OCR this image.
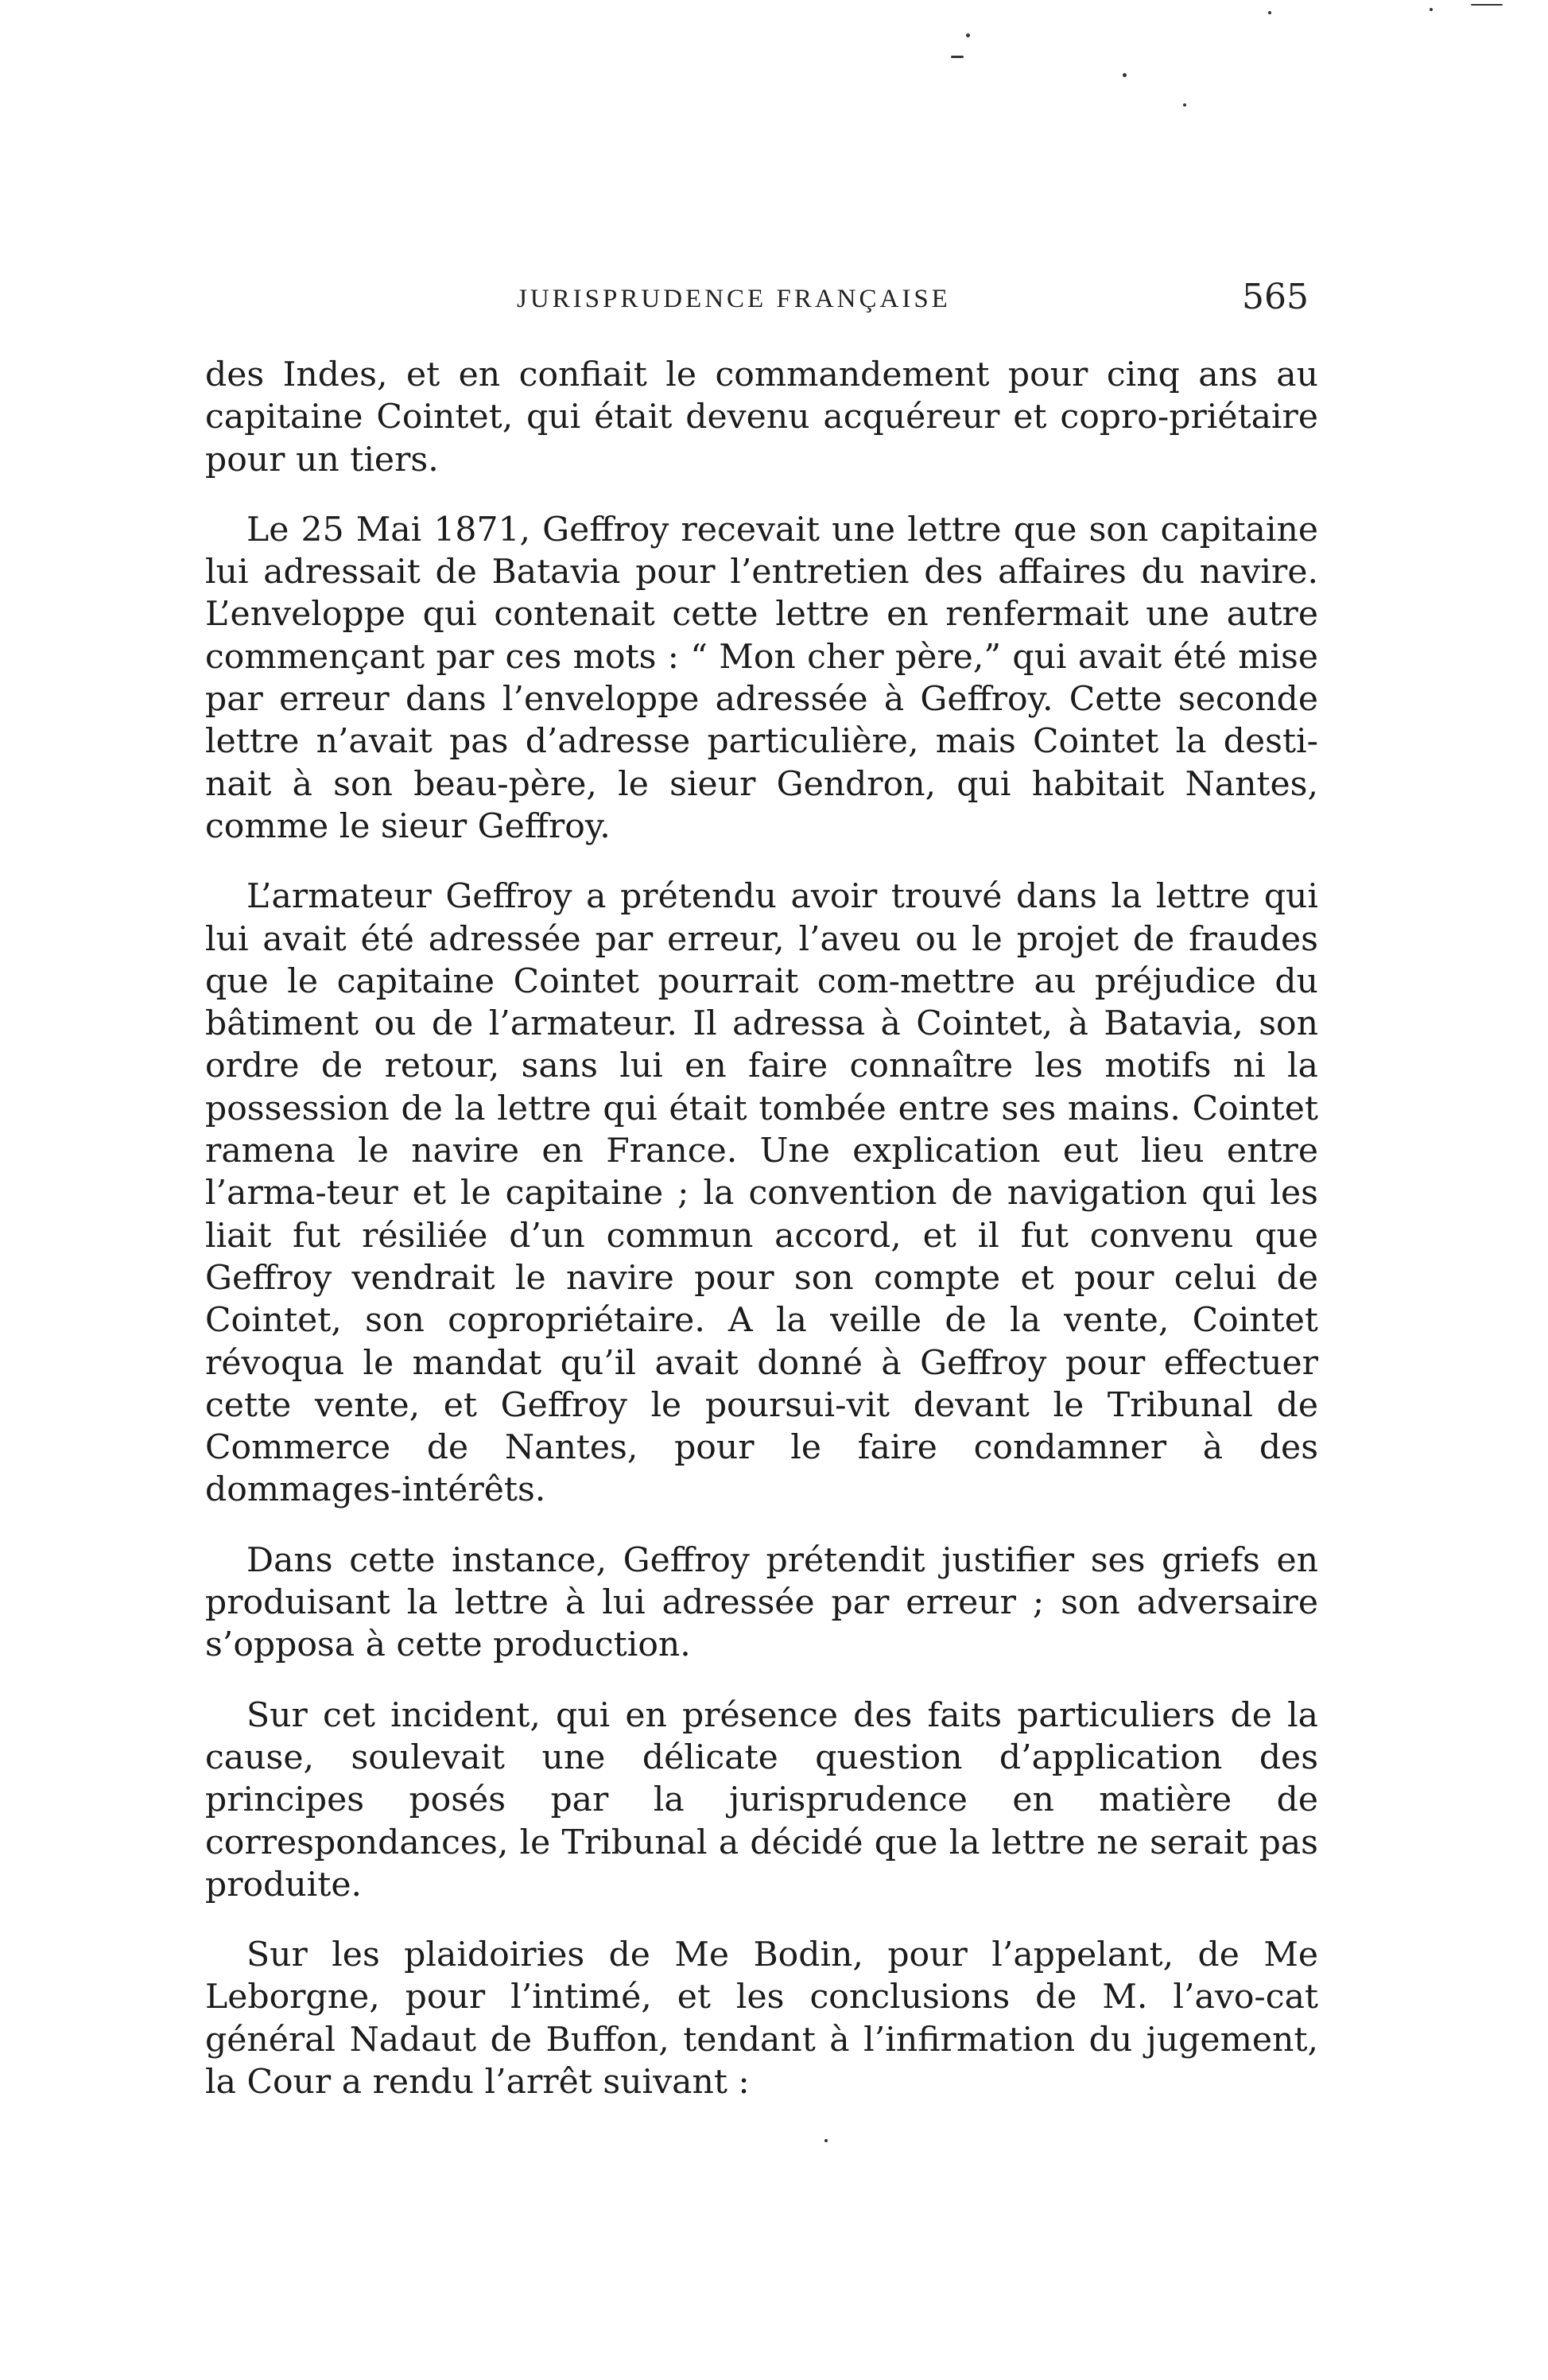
JURISPRUDENCE FRANÇAISE	565

des Indes, et en confiait le commandement pour cinq ans au capitaine Cointet, qui était devenu acquéreur et copro-priétaire pour un tiers.

Le 25 Mai 1871, Geffroy recevait une lettre que son capitaine lui adressait de Batavia pour l’entretien des affaires du navire. L’enveloppe qui contenait cette lettre en renfermait une autre commençant par ces mots : “ Mon cher père,” qui avait été mise par erreur dans l’enveloppe adressée à Geffroy. Cette seconde lettre n’avait pas d’adresse particulière, mais Cointet la desti-nait à son beau-père, le sieur Gendron, qui habitait Nantes, comme le sieur Geffroy.

L’armateur Geffroy a prétendu avoir trouvé dans la lettre qui lui avait été adressée par erreur, l’aveu ou le projet de fraudes que le capitaine Cointet pourrait com-mettre au préjudice du bâtiment ou de l’armateur. Il adressa à Cointet, à Batavia, son ordre de retour, sans lui en faire connaître les motifs ni la possession de la lettre qui était tombée entre ses mains. Cointet ramena le navire en France. Une explication eut lieu entre l’arma-teur et le capitaine ; la convention de navigation qui les liait fut résiliée d’un commun accord, et il fut convenu que Geffroy vendrait le navire pour son compte et pour celui de Cointet, son copropriétaire. A la veille de la vente, Cointet révoqua le mandat qu’il avait donné à Geffroy pour effectuer cette vente, et Geffroy le poursui-vit devant le Tribunal de Commerce de Nantes, pour le faire condamner à des dommages-intérêts.

Dans cette instance, Geffroy prétendit justifier ses griefs en produisant la lettre à lui adressée par erreur ; son adversaire s’opposa à cette production.

Sur cet incident, qui en présence des faits particuliers de la cause, soulevait une délicate question d’application des principes posés par la jurisprudence en matière de correspondances, le Tribunal a décidé que la lettre ne serait pas produite.

Sur les plaidoiries de Me Bodin, pour l’appelant, de Me Leborgne, pour l’intimé, et les conclusions de M. l’avo-cat général Nadaut de Buffon, tendant à l’infirmation du jugement, la Cour a rendu l’arrêt suivant :
